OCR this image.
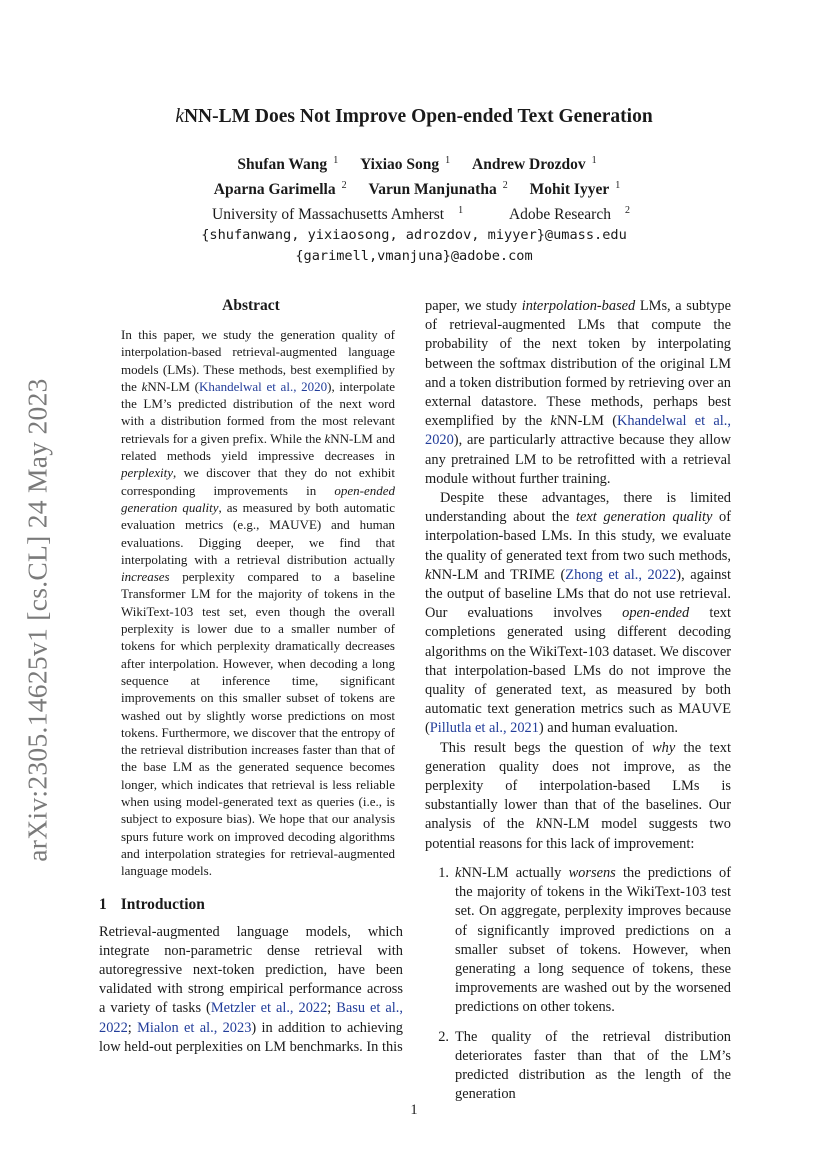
arXiv:2305.14625v1 [cs.CL] 24 May 2023
kNN-LM Does Not Improve Open-ended Text Generation
Shufan Wang $^1$ Yixiao Song $^1$ Andrew Drozdov $^1$
Aparna Garimella $^2$ Varun Manjunatha $^2$ Mohit Iyyer $^1$
University of Massachusetts Amherst $^1$	Adobe Research $^2$
{shufanwang, yixiaosong, adrozdov, miyyer}@umass.edu
{garimell,vmanjuna}@adobe.com
Abstract

In this paper, we study the generation quality of interpolation-based retrieval-augmented language models (LMs). These methods, best exemplified by the kNN-LM (Khandelwal et al., 2020), interpolate the LM’s predicted distribution of the next word with a distribution formed from the most relevant retrievals for a given prefix. While the kNN-LM and related methods yield impressive decreases in perplexity, we discover that they do not exhibit corresponding improvements in open-ended generation quality, as measured by both automatic evaluation metrics (e.g., MAUVE) and human evaluations. Digging deeper, we find that interpolating with a retrieval distribution actually increases perplexity compared to a baseline Transformer LM for the majority of tokens in the WikiText-103 test set, even though the overall perplexity is lower due to a smaller number of tokens for which perplexity dramatically decreases after interpolation. However, when decoding a long sequence at inference time, significant improvements on this smaller subset of tokens are washed out by slightly worse predictions on most tokens. Furthermore, we discover that the entropy of the retrieval distribution increases faster than that of the base LM as the generated sequence becomes longer, which indicates that retrieval is less reliable when using model-generated text as queries (i.e., is subject to exposure bias). We hope that our analysis spurs future work on improved decoding algorithms and interpolation strategies for retrieval-augmented language models.

1 Introduction

Retrieval-augmented language models, which integrate non-parametric dense retrieval with autoregressive next-token prediction, have been validated with strong empirical performance across a variety of tasks (Metzler et al., 2022; Basu et al., 2022; Mialon et al., 2023) in addition to achieving low held-out perplexities on LM benchmarks. In this

paper, we study interpolation-based LMs, a subtype of retrieval-augmented LMs that compute the probability of the next token by interpolating between the softmax distribution of the original LM and a token distribution formed by retrieving over an external datastore. These methods, perhaps best exemplified by the kNN-LM (Khandelwal et al., 2020), are particularly attractive because they allow any pretrained LM to be retrofitted with a retrieval module without further training.

Despite these advantages, there is limited understanding about the text generation quality of interpolation-based LMs. In this study, we evaluate the quality of generated text from two such methods, kNN-LM and TRIME (Zhong et al., 2022), against the output of baseline LMs that do not use retrieval. Our evaluations involves open-ended text completions generated using different decoding algorithms on the WikiText-103 dataset. We discover that interpolation-based LMs do not improve the quality of generated text, as measured by both automatic text generation metrics such as MAUVE (Pillutla et al., 2021) and human evaluation.

This result begs the question of why the text generation quality does not improve, as the perplexity of interpolation-based LMs is substantially lower than that of the baselines. Our analysis of the kNN-LM model suggests two potential reasons for this lack of improvement:

1. kNN-LM actually worsens the predictions of the majority of tokens in the WikiText-103 test set. On aggregate, perplexity improves because of significantly improved predictions on a smaller subset of tokens. However, when generating a long sequence of tokens, these improvements are washed out by the worsened predictions on other tokens.
2. The quality of the retrieval distribution deteriorates faster than that of the LM’s predicted distribution as the length of the generation
1
